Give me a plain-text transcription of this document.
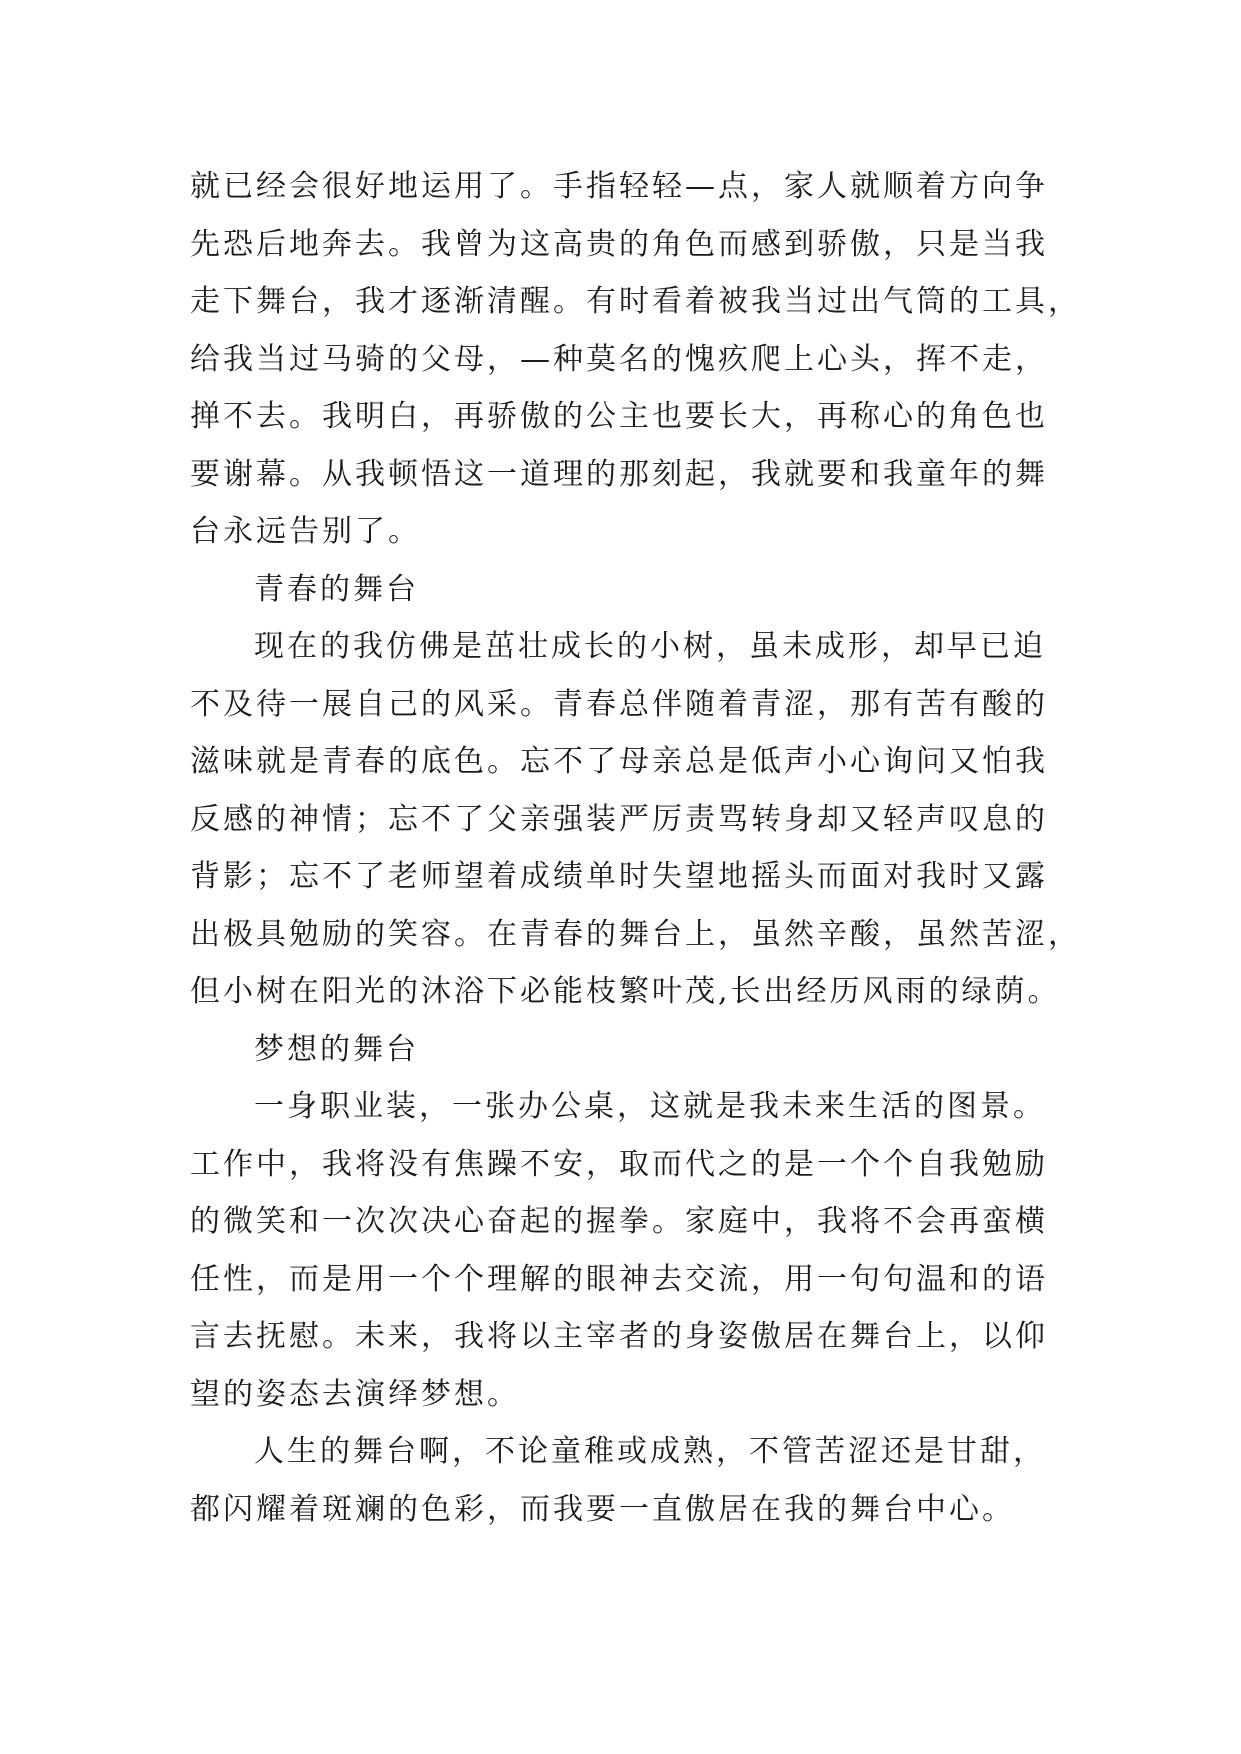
就已经会很好地运用了。手指轻轻—点，家人就顺着方向争
先恐后地奔去。我曾为这高贵的角色而感到骄傲，只是当我
走下舞台，我才逐渐清醒。有时看着被我当过出气筒的工具，
给我当过马骑的父母，—种莫名的愧疚爬上心头，挥不走，
掸不去。我明白，再骄傲的公主也要长大，再称心的角色也
要谢幕。从我顿悟这一道理的那刻起，我就要和我童年的舞
台永远告别了。
青春的舞台
现在的我仿佛是茁壮成长的小树，虽未成形，却早已迫
不及待一展自己的风采。青春总伴随着青涩，那有苦有酸的
滋味就是青春的底色。忘不了母亲总是低声小心询问又怕我
反感的神情；忘不了父亲强装严厉责骂转身却又轻声叹息的
背影；忘不了老师望着成绩单时失望地摇头而面对我时又露
出极具勉励的笑容。在青春的舞台上，虽然辛酸，虽然苦涩，
但小树在阳光的沐浴下必能枝繁叶茂,长出经历风雨的绿荫。
梦想的舞台
一身职业装，一张办公桌，这就是我未来生活的图景。
工作中，我将没有焦躁不安，取而代之的是一个个自我勉励
的微笑和一次次决心奋起的握拳。家庭中，我将不会再蛮横
任性，而是用一个个理解的眼神去交流，用一句句温和的语
言去抚慰。未来，我将以主宰者的身姿傲居在舞台上，以仰
望的姿态去演绎梦想。
人生的舞台啊，不论童稚或成熟，不管苦涩还是甘甜，
都闪耀着斑斓的色彩，而我要一直傲居在我的舞台中心。
